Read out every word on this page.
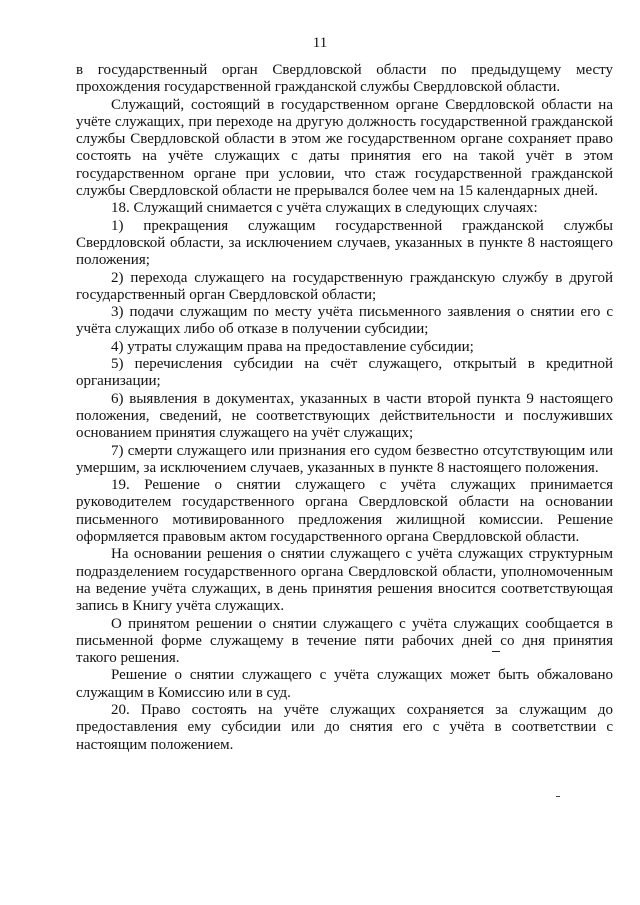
11

в государственный орган Свердловской области по предыдущему месту прохождения государственной гражданской службы Свердловской области.

Служащий, состоящий в государственном органе Свердловской области на учёте служащих, при переходе на другую должность государственной гражданской службы Свердловской области в этом же государственном органе сохраняет право состоять на учёте служащих с даты принятия его на такой учёт в этом государственном органе при условии, что стаж государственной гражданской службы Свердловской области не прерывался более чем на 15 календарных дней.

18. Служащий снимается с учёта служащих в следующих случаях:

1) прекращения служащим государственной гражданской службы Свердловской области, за исключением случаев, указанных в пункте 8 настоящего положения;

2) перехода служащего на государственную гражданскую службу в другой государственный орган Свердловской области;

3) подачи служащим по месту учёта письменного заявления о снятии его с учёта служащих либо об отказе в получении субсидии;

4) утраты служащим права на предоставление субсидии;

5) перечисления субсидии на счёт служащего, открытый в кредитной организации;

6) выявления в документах, указанных в части второй пункта 9 настоящего положения, сведений, не соответствующих действительности и послуживших основанием принятия служащего на учёт служащих;

7) смерти служащего или признания его судом безвестно отсутствующим или умершим, за исключением случаев, указанных в пункте 8 настоящего положения.

19. Решение о снятии служащего с учёта служащих принимается руководителем государственного органа Свердловской области на основании письменного мотивированного предложения жилищной комиссии. Решение оформляется правовым актом государственного органа Свердловской области.

На основании решения о снятии служащего с учёта служащих структурным подразделением государственного органа Свердловской области, уполномоченным на ведение учёта служащих, в день принятия решения вносится соответствующая запись в Книгу учёта служащих.

О принятом решении о снятии служащего с учёта служащих сообщается в письменной форме служащему в течение пяти рабочих дней со дня принятия такого решения.

Решение о снятии служащего с учёта служащих может быть обжаловано служащим в Комиссию или в суд.

20. Право состоять на учёте служащих сохраняется за служащим до предоставления ему субсидии или до снятия его с учёта в соответствии с настоящим положением.
